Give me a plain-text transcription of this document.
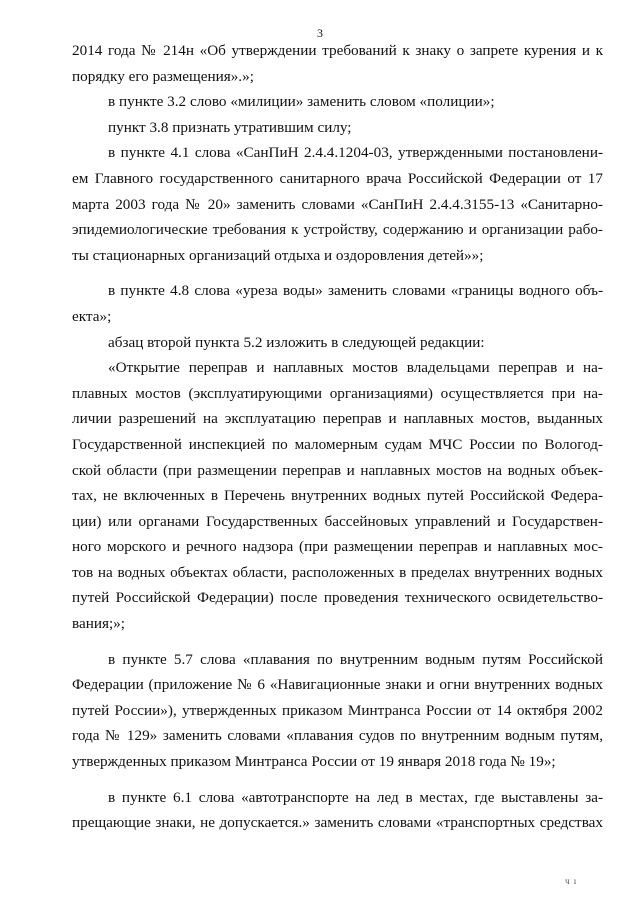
3
2014 года № 214н «Об утверждении требований к знаку о запрете курения и к
порядку его размещения».»;
в пункте 3.2 слово «милиции» заменить словом «полиции»;
пункт 3.8 признать утратившим силу;
в пункте 4.1 слова «СанПиН 2.4.4.1204-03, утвержденными постановлени-
ем Главного государственного санитарного врача Российской Федерации от 17
марта 2003 года № 20» заменить словами «СанПиН 2.4.4.3155-13 «Санитарно-
эпидемиологические требования к устройству, содержанию и организации рабо-
ты стационарных организаций отдыха и оздоровления детей»»;
в пункте 4.8 слова «уреза воды» заменить словами «границы водного объ-
екта»;
абзац второй пункта 5.2 изложить в следующей редакции:
«Открытие переправ и наплавных мостов владельцами переправ и на-
плавных мостов (эксплуатирующими организациями) осуществляется при на-
личии разрешений на эксплуатацию переправ и наплавных мостов, выданных
Государственной инспекцией по маломерным судам МЧС России по Вологод-
ской области (при размещении переправ и наплавных мостов на водных объек-
тах, не включенных в Перечень внутренних водных путей Российской Федера-
ции) или органами Государственных бассейновых управлений и Государствен-
ного морского и речного надзора (при размещении переправ и наплавных мос-
тов на водных объектах области, расположенных в пределах внутренних водных
путей Российской Федерации) после проведения технического освидетельство-
вания;»;
в пункте 5.7 слова «плавания по внутренним водным путям Российской
Федерации (приложение № 6 «Навигационные знаки и огни внутренних водных
путей России»), утвержденных приказом Минтранса России от 14 октября 2002
года № 129» заменить словами «плавания судов по внутренним водным путям,
утвержденных приказом Минтранса России от 19 января 2018 года № 19»;
в пункте 6.1 слова «автотранспорте на лед в местах, где выставлены за-
прещающие знаки, не допускается.» заменить словами «транспортных средствах
ч ı
